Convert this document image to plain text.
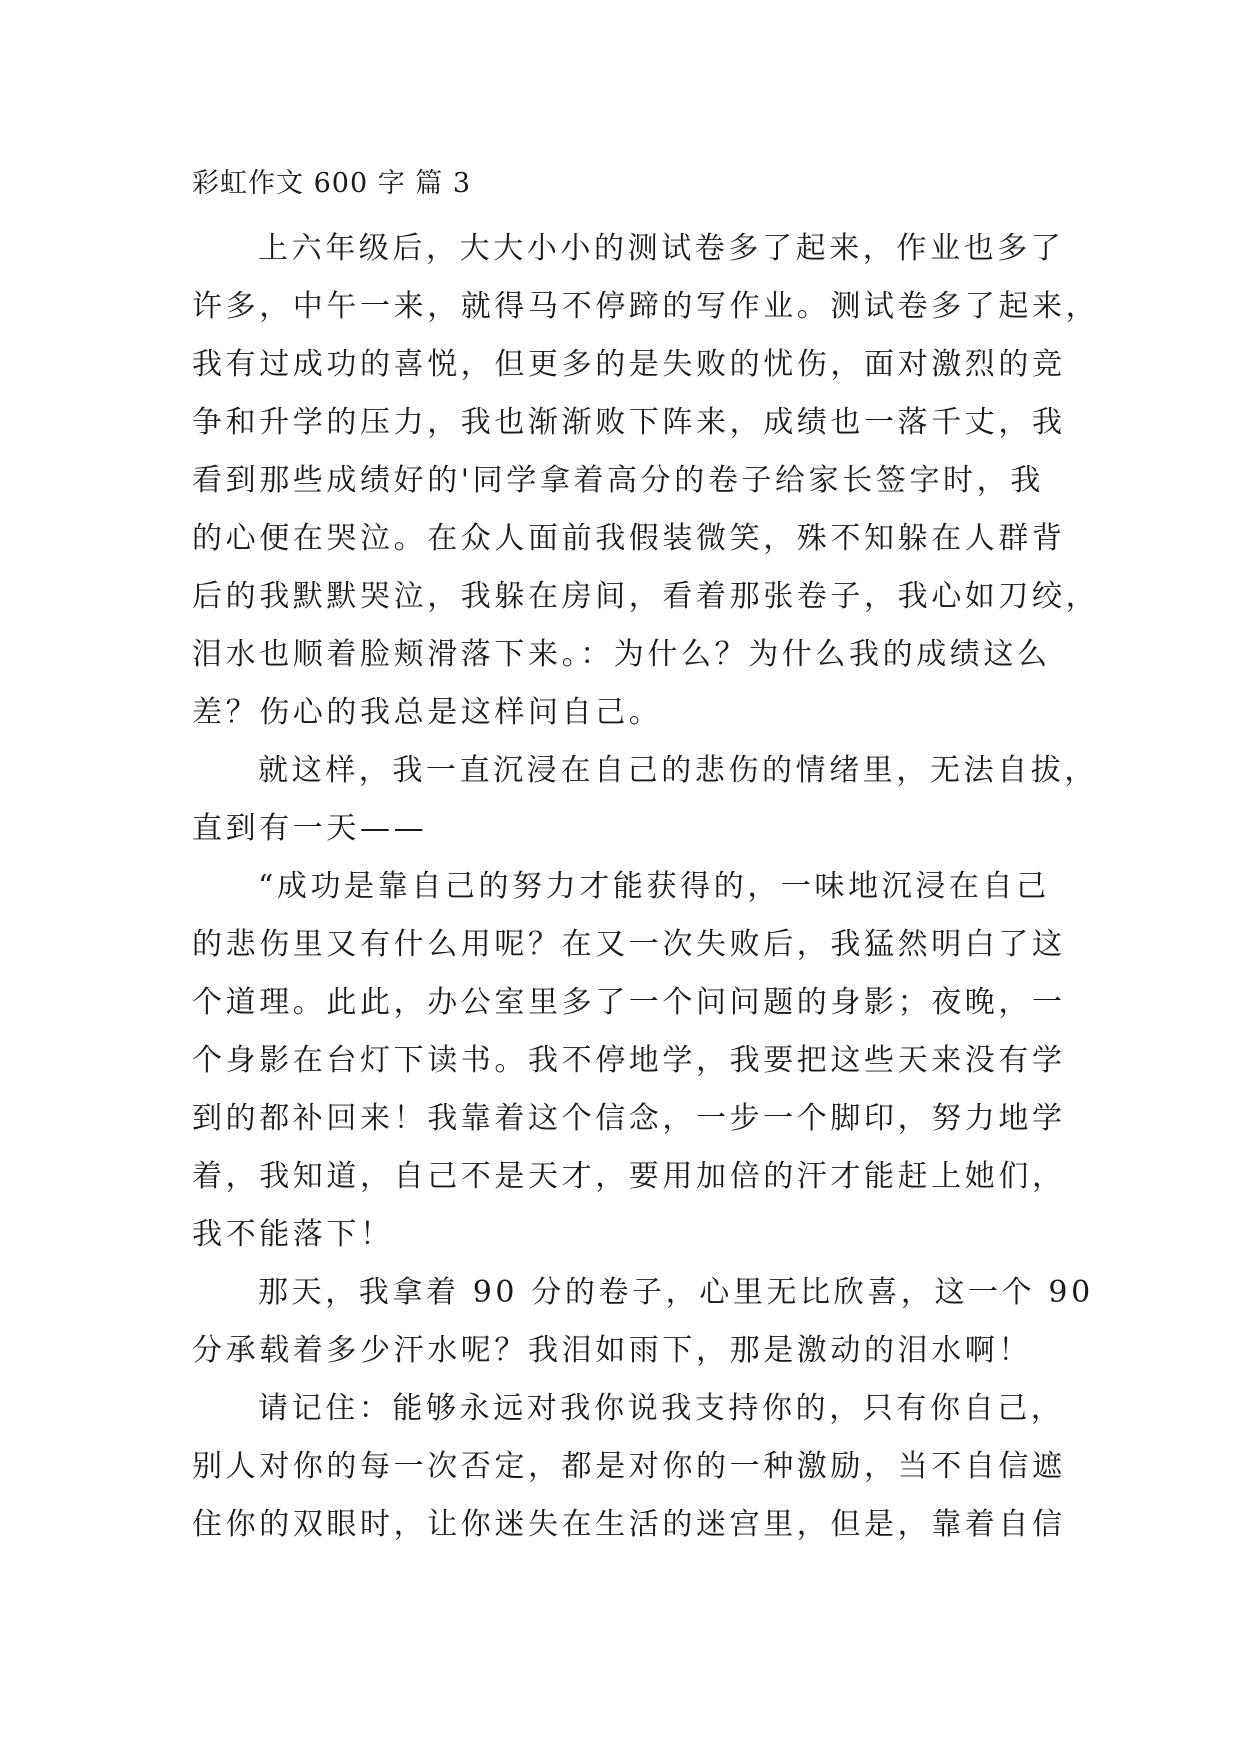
彩虹作文 600 字 篇 3
上六年级后，大大小小的测试卷多了起来，作业也多了
许多，中午一来，就得马不停蹄的写作业。测试卷多了起来，
我有过成功的喜悦，但更多的是失败的忧伤，面对激烈的竞
争和升学的压力，我也渐渐败下阵来，成绩也一落千丈，我
看到那些成绩好的'同学拿着高分的卷子给家长签字时，我
的心便在哭泣。在众人面前我假装微笑，殊不知躲在人群背
后的我默默哭泣，我躲在房间，看着那张卷子，我心如刀绞，
泪水也顺着脸颊滑落下来。：为什么？为什么我的成绩这么
差？伤心的我总是这样问自己。
就这样，我一直沉浸在自己的悲伤的情绪里，无法自拔，
直到有一天——
“成功是靠自己的努力才能获得的，一味地沉浸在自己
的悲伤里又有什么用呢？在又一次失败后，我猛然明白了这
个道理。此此，办公室里多了一个问问题的身影；夜晚，一
个身影在台灯下读书。我不停地学，我要把这些天来没有学
到的都补回来！我靠着这个信念，一步一个脚印，努力地学
着，我知道，自己不是天才，要用加倍的汗才能赶上她们，
我不能落下！
那天，我拿着 90 分的卷子，心里无比欣喜，这一个 90
分承载着多少汗水呢？我泪如雨下，那是激动的泪水啊！
请记住：能够永远对我你说我支持你的，只有你自己，
别人对你的每一次否定，都是对你的一种激励，当不自信遮
住你的双眼时，让你迷失在生活的迷宫里，但是，靠着自信
